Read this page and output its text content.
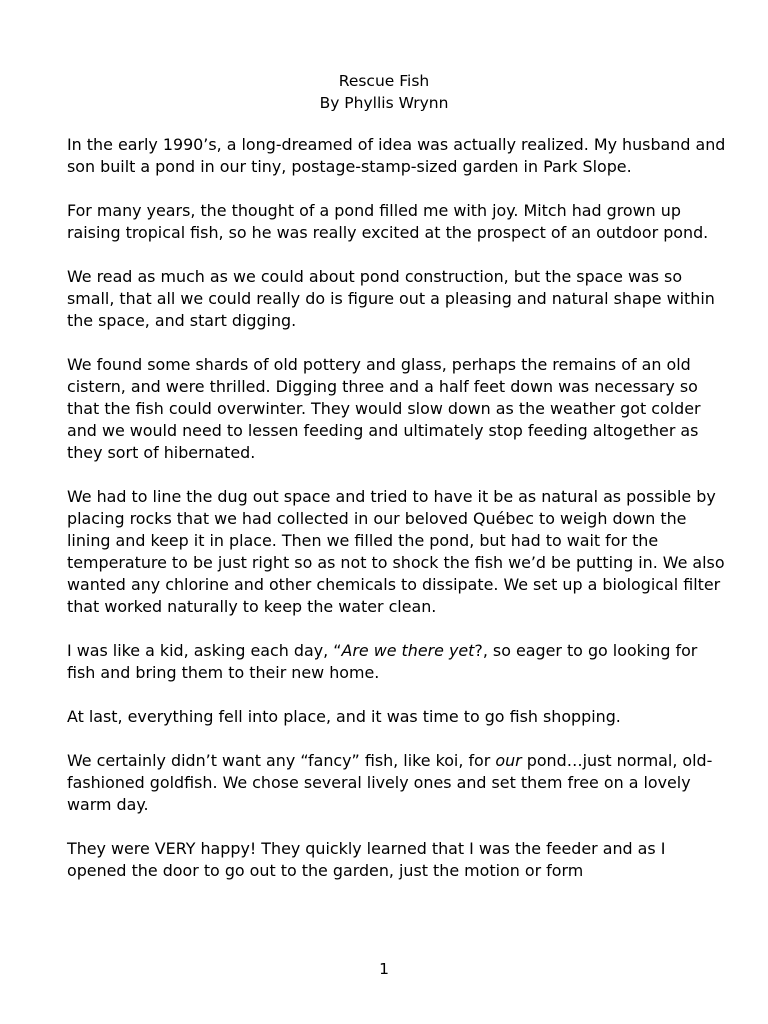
Rescue Fish
By Phyllis Wrynn

In the early 1990’s, a long-dreamed of idea was actually realized. My husband and son built a pond in our tiny, postage-stamp-sized garden in Park Slope.

For many years, the thought of a pond filled me with joy. Mitch had grown up raising tropical fish, so he was really excited at the prospect of an outdoor pond.

We read as much as we could about pond construction, but the space was so small, that all we could really do is figure out a pleasing and natural shape within the space, and start digging.

We found some shards of old pottery and glass, perhaps the remains of an old cistern, and were thrilled. Digging three and a half feet down was necessary so that the fish could overwinter. They would slow down as the weather got colder and we would need to lessen feeding and ultimately stop feeding altogether as they sort of hibernated.

We had to line the dug out space and tried to have it be as natural as possible by placing rocks that we had collected in our beloved Québec to weigh down the lining and keep it in place. Then we filled the pond, but had to wait for the temperature to be just right so as not to shock the fish we’d be putting in. We also wanted any chlorine and other chemicals to dissipate. We set up a biological filter that worked naturally to keep the water clean.

I was like a kid, asking each day, “Are we there yet?, so eager to go looking for fish and bring them to their new home.

At last, everything fell into place, and it was time to go fish shopping.

We certainly didn’t want any “fancy” fish, like koi, for our pond…just normal, old-fashioned goldfish. We chose several lively ones and set them free on a lovely warm day.

They were VERY happy! They quickly learned that I was the feeder and as I opened the door to go out to the garden, just the motion or form

1
